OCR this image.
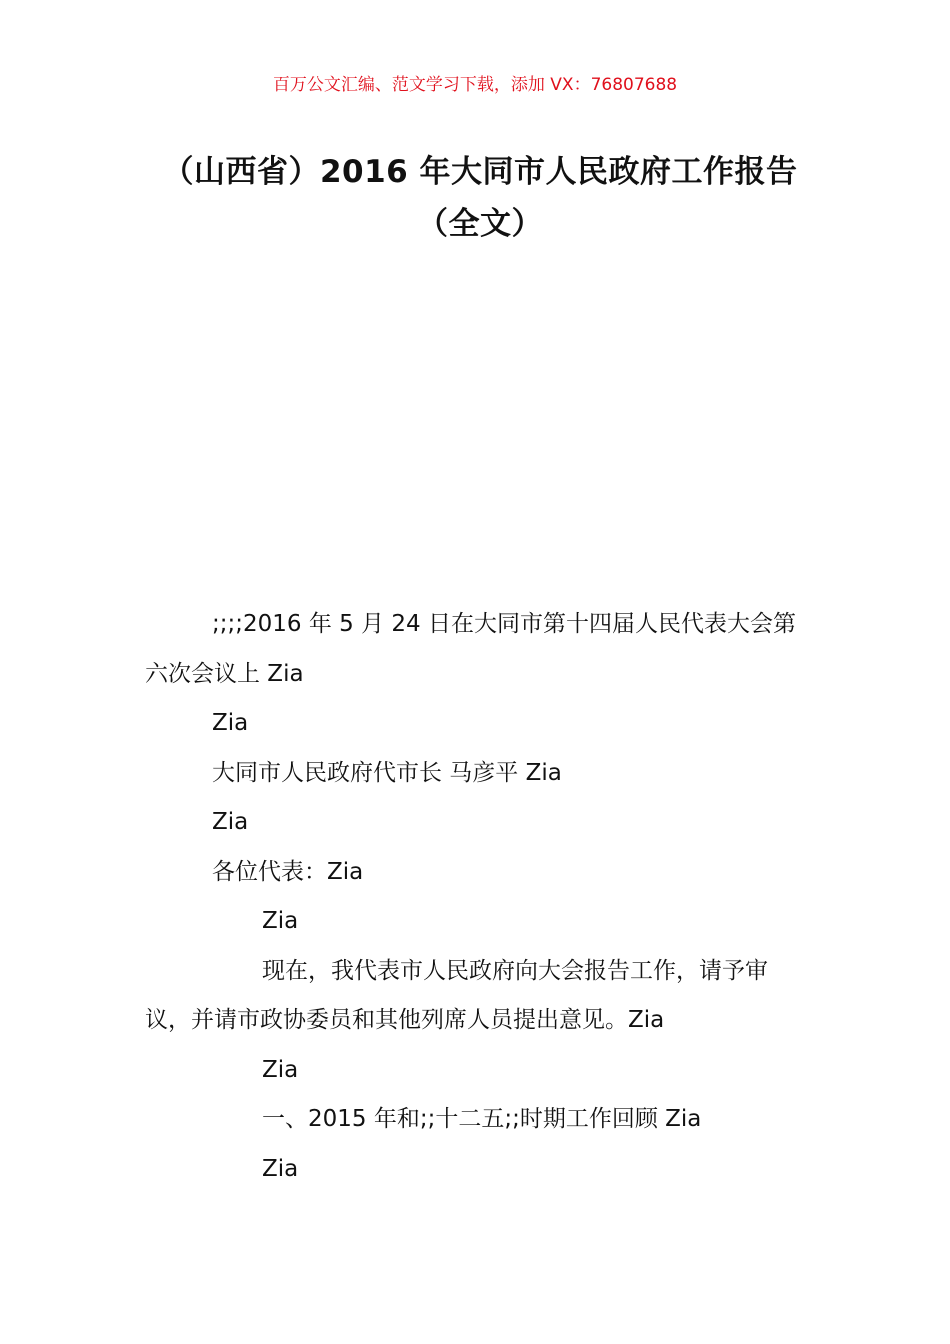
百万公文汇编、范文学习下载，添加 VX：76807688
（山西省）2016 年大同市人民政府工作报告（全文）

;;;;2016 年 5 月 24 日在大同市第十四届人民代表大会第六次会议上 Zia

Zia

大同市人民政府代市长 马彦平 Zia

Zia

各位代表：Zia

Zia

现在，我代表市人民政府向大会报告工作，请予审议，并请市政协委员和其他列席人员提出意见。Zia

Zia

一、2015 年和;;十二五;;时期工作回顾 Zia

Zia
